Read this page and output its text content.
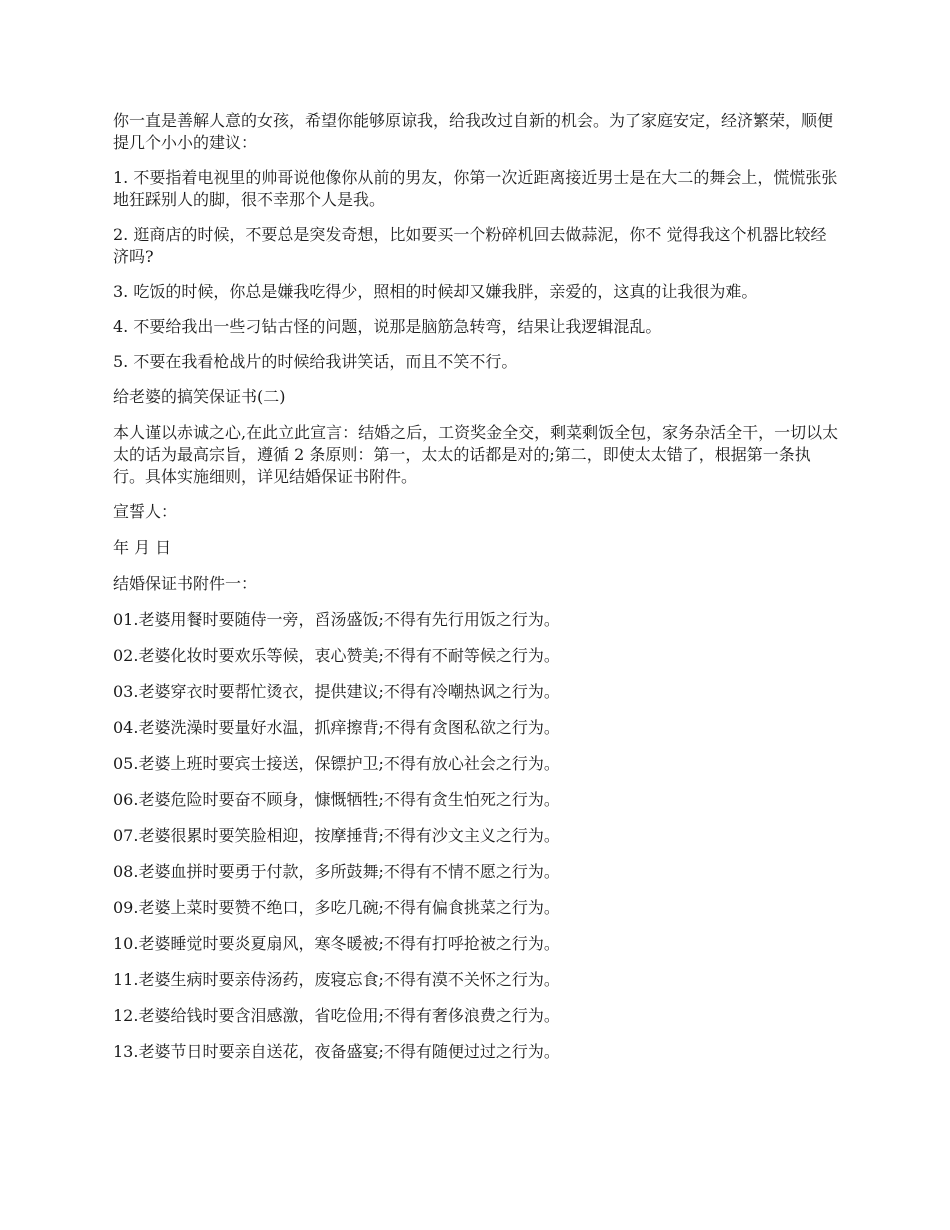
你一直是善解人意的女孩，希望你能够原谅我，给我改过自新的机会。为了家庭安定，经济繁荣，顺便提几个小小的建议：

1. 不要指着电视里的帅哥说他像你从前的男友，你第一次近距离接近男士是在大二的舞会上，慌慌张张地狂踩别人的脚，很不幸那个人是我。

2. 逛商店的时候，不要总是突发奇想，比如要买一个粉碎机回去做蒜泥，你不 觉得我这个机器比较经济吗?

3. 吃饭的时候，你总是嫌我吃得少，照相的时候却又嫌我胖，亲爱的，这真的让我很为难。

4. 不要给我出一些刁钻古怪的问题，说那是脑筋急转弯，结果让我逻辑混乱。

5. 不要在我看枪战片的时候给我讲笑话，而且不笑不行。

给老婆的搞笑保证书(二)

本人谨以赤诚之心,在此立此宣言：结婚之后，工资奖金全交，剩菜剩饭全包，家务杂活全干，一切以太太的话为最高宗旨，遵循 2 条原则：第一，太太的话都是对的;第二，即使太太错了，根据第一条执行。具体实施细则，详见结婚保证书附件。

宣誓人：

年 月 日

结婚保证书附件一：

01.老婆用餐时要随侍一旁，舀汤盛饭;不得有先行用饭之行为。

02.老婆化妆时要欢乐等候，衷心赞美;不得有不耐等候之行为。

03.老婆穿衣时要帮忙烫衣，提供建议;不得有冷嘲热讽之行为。

04.老婆洗澡时要量好水温，抓痒擦背;不得有贪图私欲之行为。

05.老婆上班时要宾士接送，保镖护卫;不得有放心社会之行为。

06.老婆危险时要奋不顾身，慷慨牺牲;不得有贪生怕死之行为。

07.老婆很累时要笑脸相迎，按摩捶背;不得有沙文主义之行为。

08.老婆血拼时要勇于付款，多所鼓舞;不得有不情不愿之行为。

09.老婆上菜时要赞不绝口，多吃几碗;不得有偏食挑菜之行为。

10.老婆睡觉时要炎夏扇风，寒冬暖被;不得有打呼抢被之行为。

11.老婆生病时要亲侍汤药，废寝忘食;不得有漠不关怀之行为。

12.老婆给钱时要含泪感激，省吃俭用;不得有奢侈浪费之行为。

13.老婆节日时要亲自送花，夜备盛宴;不得有随便过过之行为。
